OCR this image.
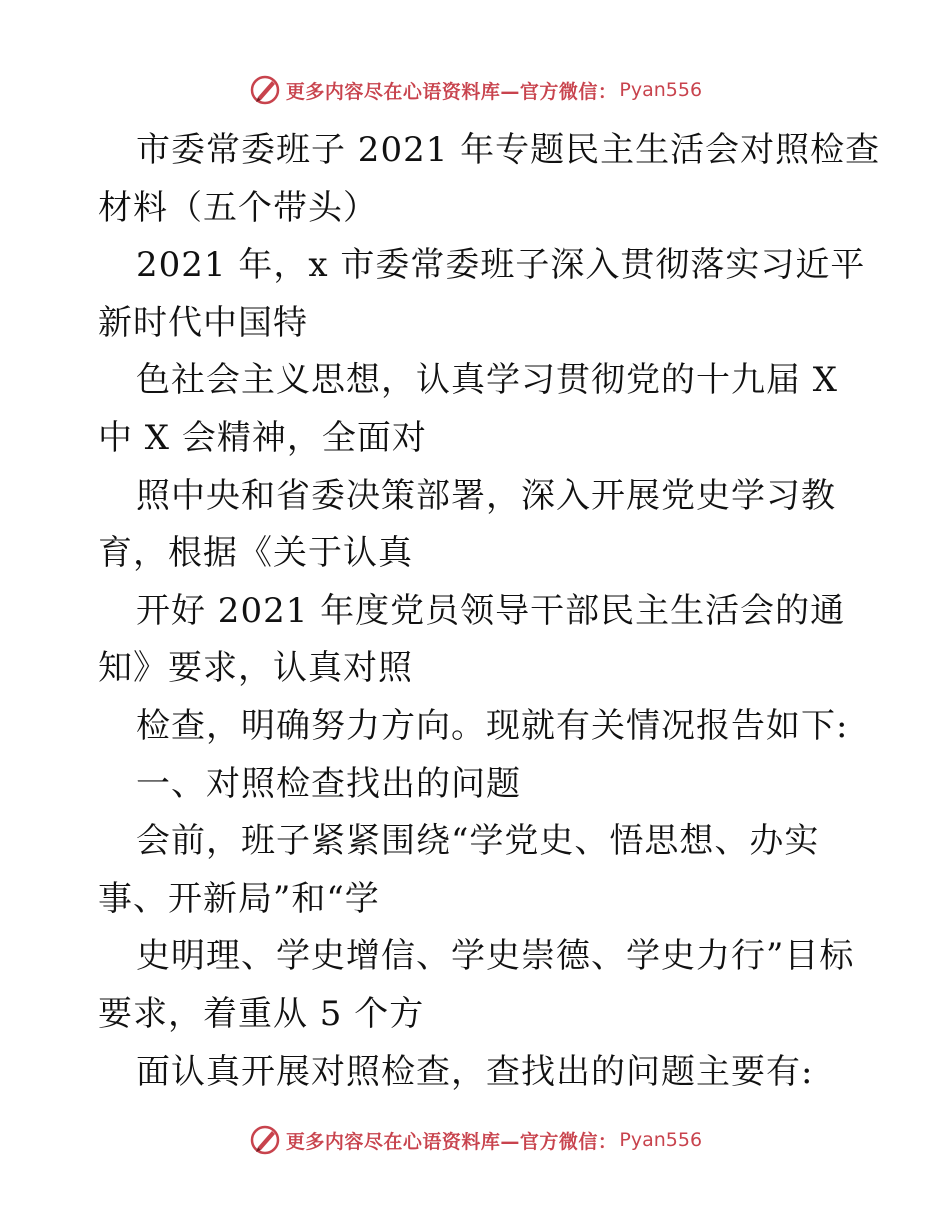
更多内容尽在心语资料库—官方微信： Pyan556
市委常委班子 2021 年专题民主生活会对照检查
材料（五个带头）
2021 年，x 市委常委班子深入贯彻落实习近平
新时代中国特
色社会主义思想，认真学习贯彻党的十九届 X
中 X 会精神，全面对
照中央和省委决策部署，深入开展党史学习教
育，根据《关于认真
开好 2021 年度党员领导干部民主生活会的通
知》要求，认真对照
检查，明确努力方向。现就有关情况报告如下:
一、对照检查找出的问题
会前，班子紧紧围绕“学党史、悟思想、办实
事、开新局”和“学
史明理、学史增信、学史崇德、学史力行”目标
要求，着重从 5 个方
面认真开展对照检查，查找出的问题主要有:
更多内容尽在心语资料库—官方微信： Pyan556
